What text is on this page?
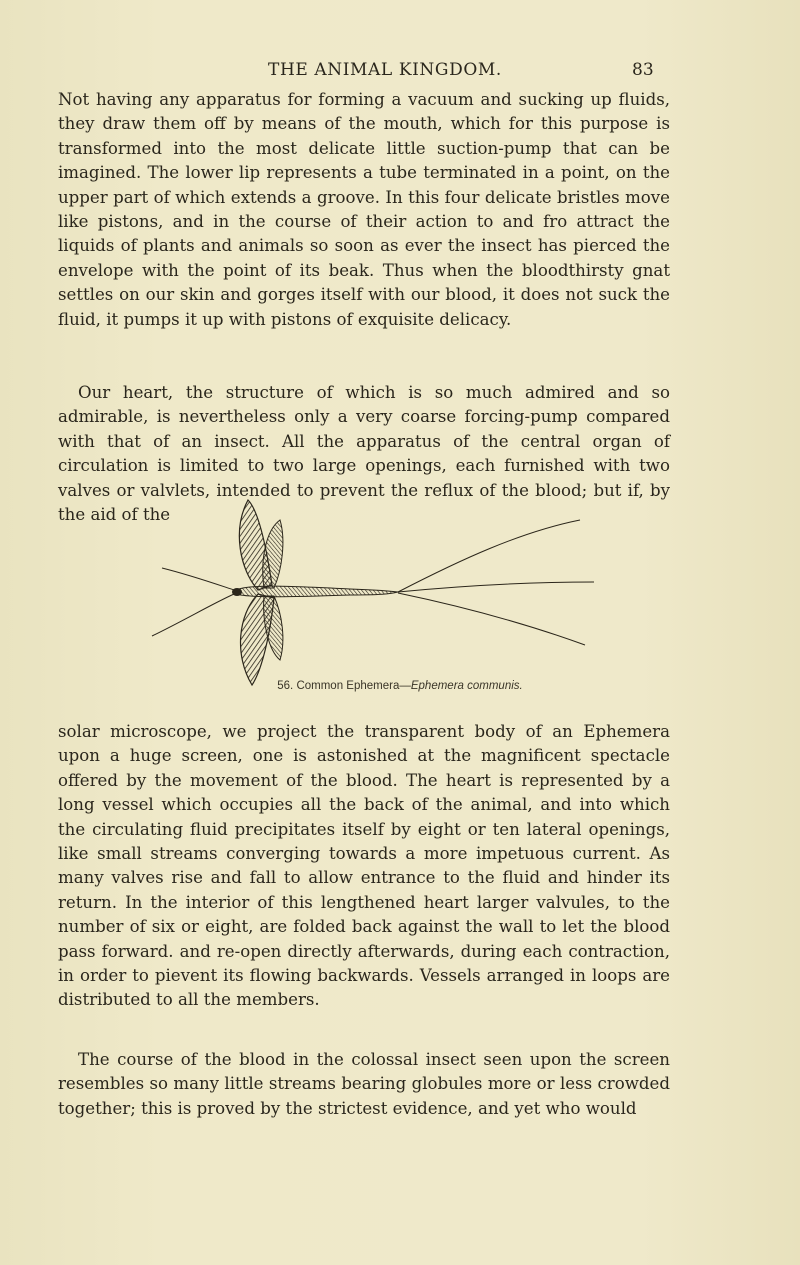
THE ANIMAL KINGDOM.	83

Not having any apparatus for forming a vacuum and sucking up fluids, they draw them off by means of the mouth, which for this purpose is transformed into the most delicate little suction-pump that can be imagined. The lower lip represents a tube terminated in a point, on the upper part of which extends a groove. In this four delicate bristles move like pistons, and in the course of their action to and fro attract the liquids of plants and animals so soon as ever the insect has pierced the envelope with the point of its beak. Thus when the bloodthirsty gnat settles on our skin and gorges itself with our blood, it does not suck the fluid, it pumps it up with pistons of exquisite delicacy.

Our heart, the structure of which is so much admired and so admirable, is nevertheless only a very coarse forcing-pump compared with that of an insect. All the apparatus of the central organ of circulation is limited to two large openings, each furnished with two valves or valvlets, intended to prevent the reflux of the blood; but if, by the aid of the

56. Common Ephemera—Ephemera communis.

solar microscope, we project the transparent body of an Ephemera upon a huge screen, one is astonished at the magnificent spectacle offered by the movement of the blood. The heart is represented by a long vessel which occupies all the back of the animal, and into which the circulating fluid precipitates itself by eight or ten lateral openings, like small streams converging towards a more impetuous current. As many valves rise and fall to allow entrance to the fluid and hinder its return. In the interior of this lengthened heart larger valvules, to the number of six or eight, are folded back against the wall to let the blood pass forward. and re-open directly afterwards, during each contraction, in order to pievent its flowing backwards. Vessels arranged in loops are distributed to all the members.

The course of the blood in the colossal insect seen upon the screen resembles so many little streams bearing globules more or less crowded together; this is proved by the strictest evidence, and yet who would
